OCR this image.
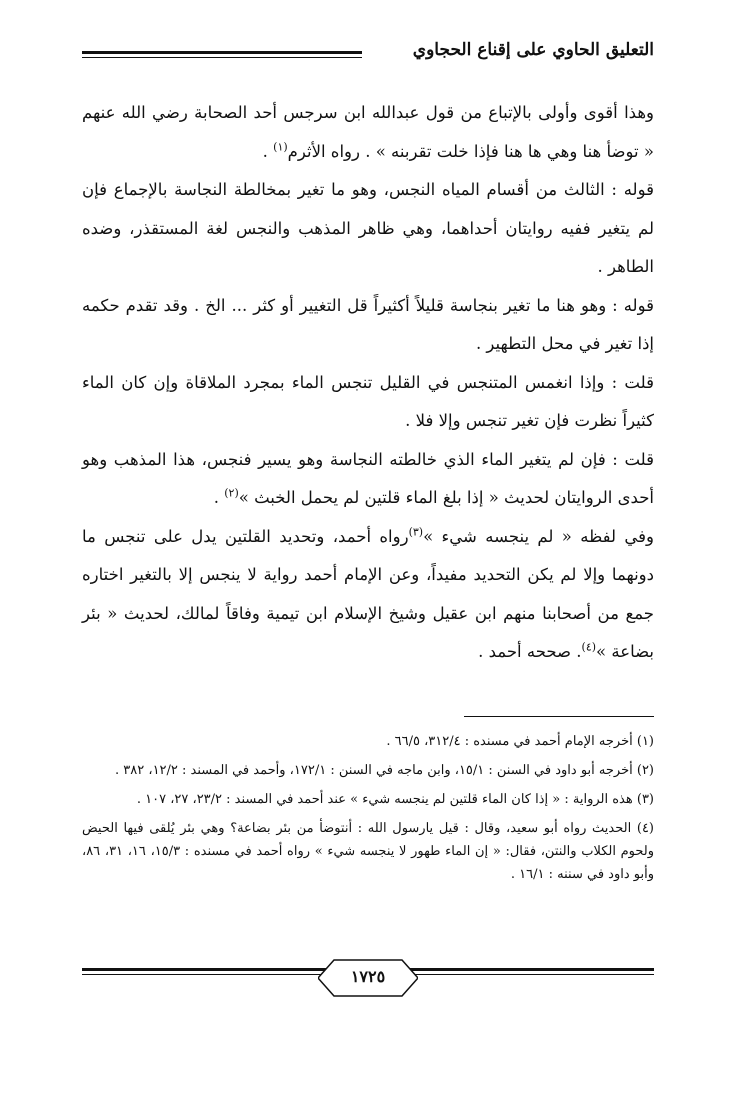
التعليق الحاوي على إقناع الحجاوي

وهذا أقوى وأولى بالإتباع من قول عبدالله ابن سرجس أحد الصحابة رضي الله عنهم « توضأ هنا وهي ها هنا فإذا خلت تقربنه » . رواه الأثرم$^{(١)}$ .

قوله : الثالث من أقسام المياه النجس، وهو ما تغير بمخالطة النجاسة بالإجماع فإن لم يتغير ففيه روايتان أحداهما، وهي ظاهر المذهب والنجس لغة المستقذر، وضده الطاهر .

قوله : وهو هنا ما تغير بنجاسة قليلاً أكثيراً قل التغيير أو كثر ... الخ . وقد تقدم حكمه إذا تغير في محل التطهير .

قلت : وإذا انغمس المتنجس في القليل تنجس الماء بمجرد الملاقاة وإن كان الماء كثيراً نظرت فإن تغير تنجس وإلا فلا .

قلت : فإن لم يتغير الماء الذي خالطته النجاسة وهو يسير فنجس، هذا المذهب وهو أحدى الروايتان لحديث « إذا بلغ الماء قلتين لم يحمل الخبث »$^{(٢)}$ .

وفي لفظه « لم ينجسه شيء »$^{(٣)}$رواه أحمد، وتحديد القلتين يدل على تنجس ما دونهما وإلا لم يكن التحديد مفيداً، وعن الإمام أحمد رواية لا ينجس إلا بالتغير اختاره جمع من أصحابنا منهم ابن عقيل وشيخ الإسلام ابن تيمية وفاقاً لمالك، لحديث « بئر بضاعة »$^{(٤)}$. صححه أحمد .

(١) أخرجه الإمام أحمد في مسنده : ٣١٢/٤، ٦٦/٥ .

(٢) أخرجه أبو داود في السنن : ١٥/١، وابن ماجه في السنن : ١٧٢/١، وأحمد في المسند : ١٢/٢، ٣٨٢ .

(٣) هذه الرواية : « إذا كان الماء قلتين لم ينجسه شيء » عند أحمد في المسند : ٢٣/٢، ٢٧، ١٠٧ .

(٤) الحديث رواه أبو سعيد، وقال : قيل يارسول الله : أنتوضأ من بئر بضاعة؟ وهي بئر يُلقى فيها الحيض ولحوم الكلاب والنتن، فقال: « إن الماء طهور لا ينجسه شيء » رواه أحمد في مسنده : ١٥/٣، ١٦، ٣١، ٨٦، وأبو داود في سننه : ١٦/١ .

١٧٢٥
